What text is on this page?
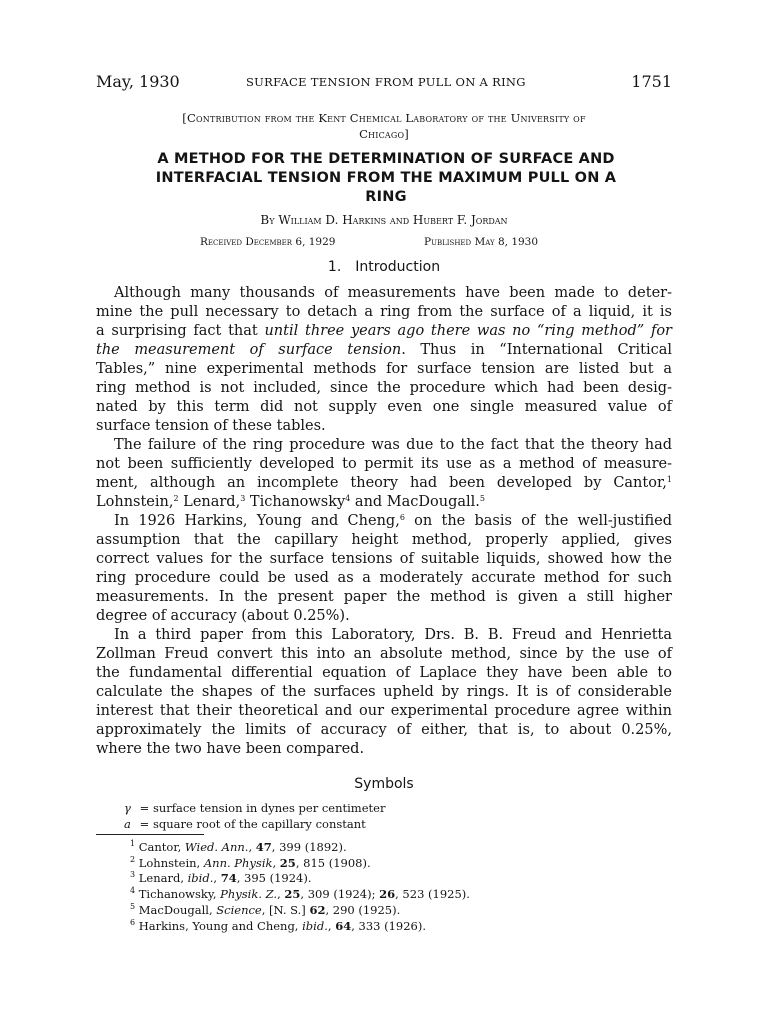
May, 1930	SURFACE TENSION FROM PULL ON A RING	1751
[Contribution from the Kent Chemical Laboratory of the University of
Chicago]
A METHOD FOR THE DETERMINATION OF SURFACE AND
INTERFACIAL TENSION FROM THE MAXIMUM PULL ON A
RING
By William D. Harkins and Hubert F. Jordan
Received December 6, 1929	Published May 8, 1930
1. Introduction
Although many thousands of measurements have been made to deter-
mine the pull necessary to detach a ring from the surface of a liquid, it is
a surprising fact that until three years ago there was no “ring method” for
the measurement of surface tension. Thus in “International Critical
Tables,” nine experimental methods for surface tension are listed but a
ring method is not included, since the procedure which had been desig-
nated by this term did not supply even one single measured value of
surface tension of these tables.
The failure of the ring procedure was due to the fact that the theory had
not been sufficiently developed to permit its use as a method of measure-
ment, although an incomplete theory had been developed by Cantor,$^1$
Lohnstein,$^2$ Lenard,$^3$ Tichanowsky$^4$ and MacDougall.$^5$
In 1926 Harkins, Young and Cheng,$^6$ on the basis of the well-justified
assumption that the capillary height method, properly applied, gives
correct values for the surface tensions of suitable liquids, showed how the
ring procedure could be used as a moderately accurate method for such
measurements. In the present paper the method is given a still higher
degree of accuracy (about 0.25%).
In a third paper from this Laboratory, Drs. B. B. Freud and Henrietta
Zollman Freud convert this into an absolute method, since by the use of
the fundamental differential equation of Laplace they have been able to
calculate the shapes of the surfaces upheld by rings. It is of considerable
interest that their theoretical and our experimental procedure agree within
approximately the limits of accuracy of either, that is, to about 0.25%,
where the two have been compared.
Symbols
γ = surface tension in dynes per centimeter
a = square root of the capillary constant
$^1$ Cantor, Wied. Ann., 47, 399 (1892).
$^2$ Lohnstein, Ann. Physik, 25, 815 (1908).
$^3$ Lenard, ibid., 74, 395 (1924).
$^4$ Tichanowsky, Physik. Z., 25, 309 (1924); 26, 523 (1925).
$^5$ MacDougall, Science, [N. S.] 62, 290 (1925).
$^6$ Harkins, Young and Cheng, ibid., 64, 333 (1926).
